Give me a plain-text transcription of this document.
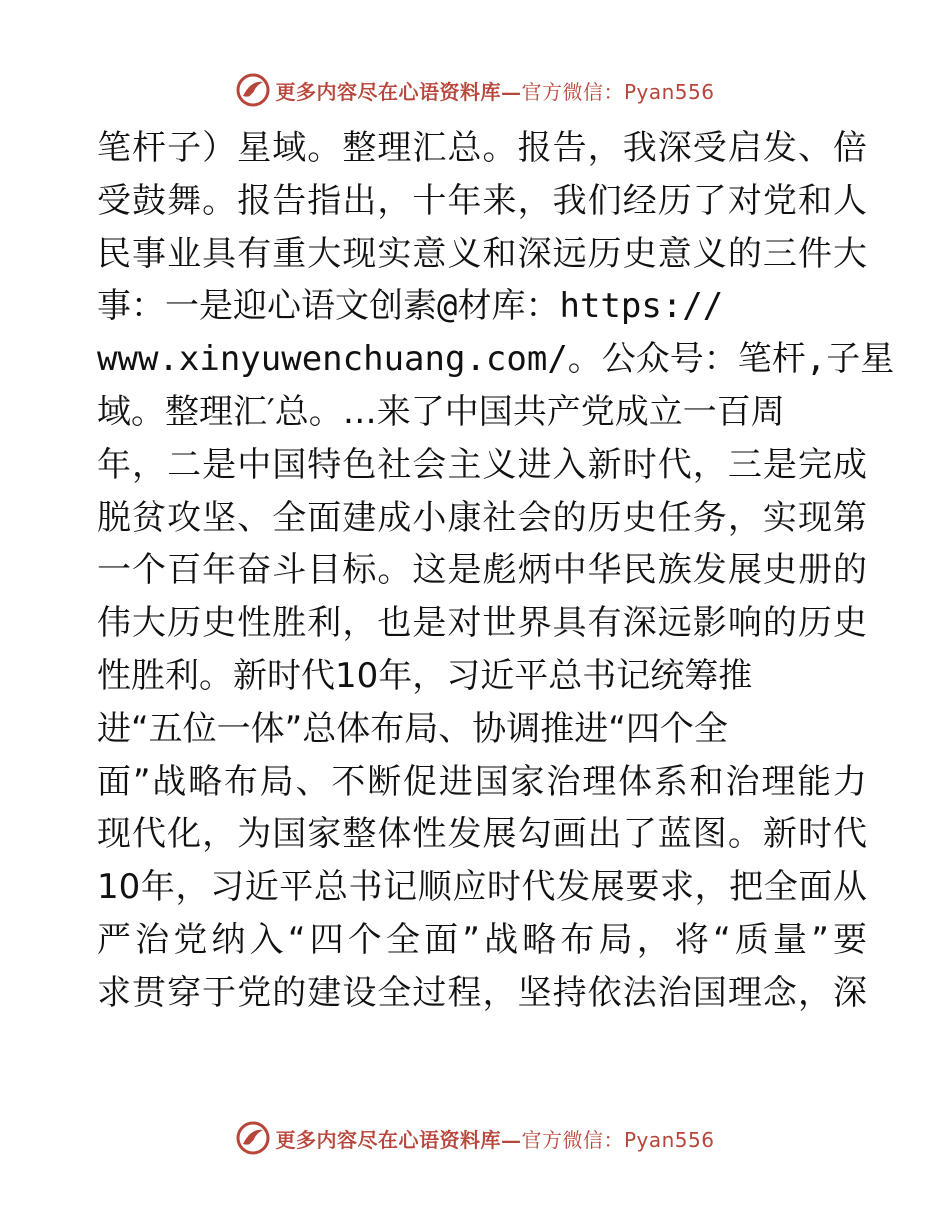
更多内容尽在心语资料库—官方微信：Pyan556
笔杆子）星域。整理汇总。报告，我深受启发、倍
受鼓舞。报告指出，十年来，我们经历了对党和人
民事业具有重大现实意义和深远历史意义的三件大
事：一是迎心语文创素@材库：https://
www.xinyuwenchuang.com/。公众号：笔杆,子星
域。整理汇′总。…来了中国共产党成立一百周
年，二是中国特色社会主义进入新时代，三是完成
脱贫攻坚、全面建成小康社会的历史任务，实现第
一个百年奋斗目标。这是彪炳中华民族发展史册的
伟大历史性胜利，也是对世界具有深远影响的历史
性胜利。新时代10年，习近平总书记统筹推
进“五位一体”总体布局、协调推进“四个全
面”战略布局、不断促进国家治理体系和治理能力
现代化，为国家整体性发展勾画出了蓝图。新时代
10年，习近平总书记顺应时代发展要求，把全面从
严治党纳入“四个全面”战略布局，将“质量”要
求贯穿于党的建设全过程，坚持依法治国理念，深
更多内容尽在心语资料库—官方微信：Pyan556
